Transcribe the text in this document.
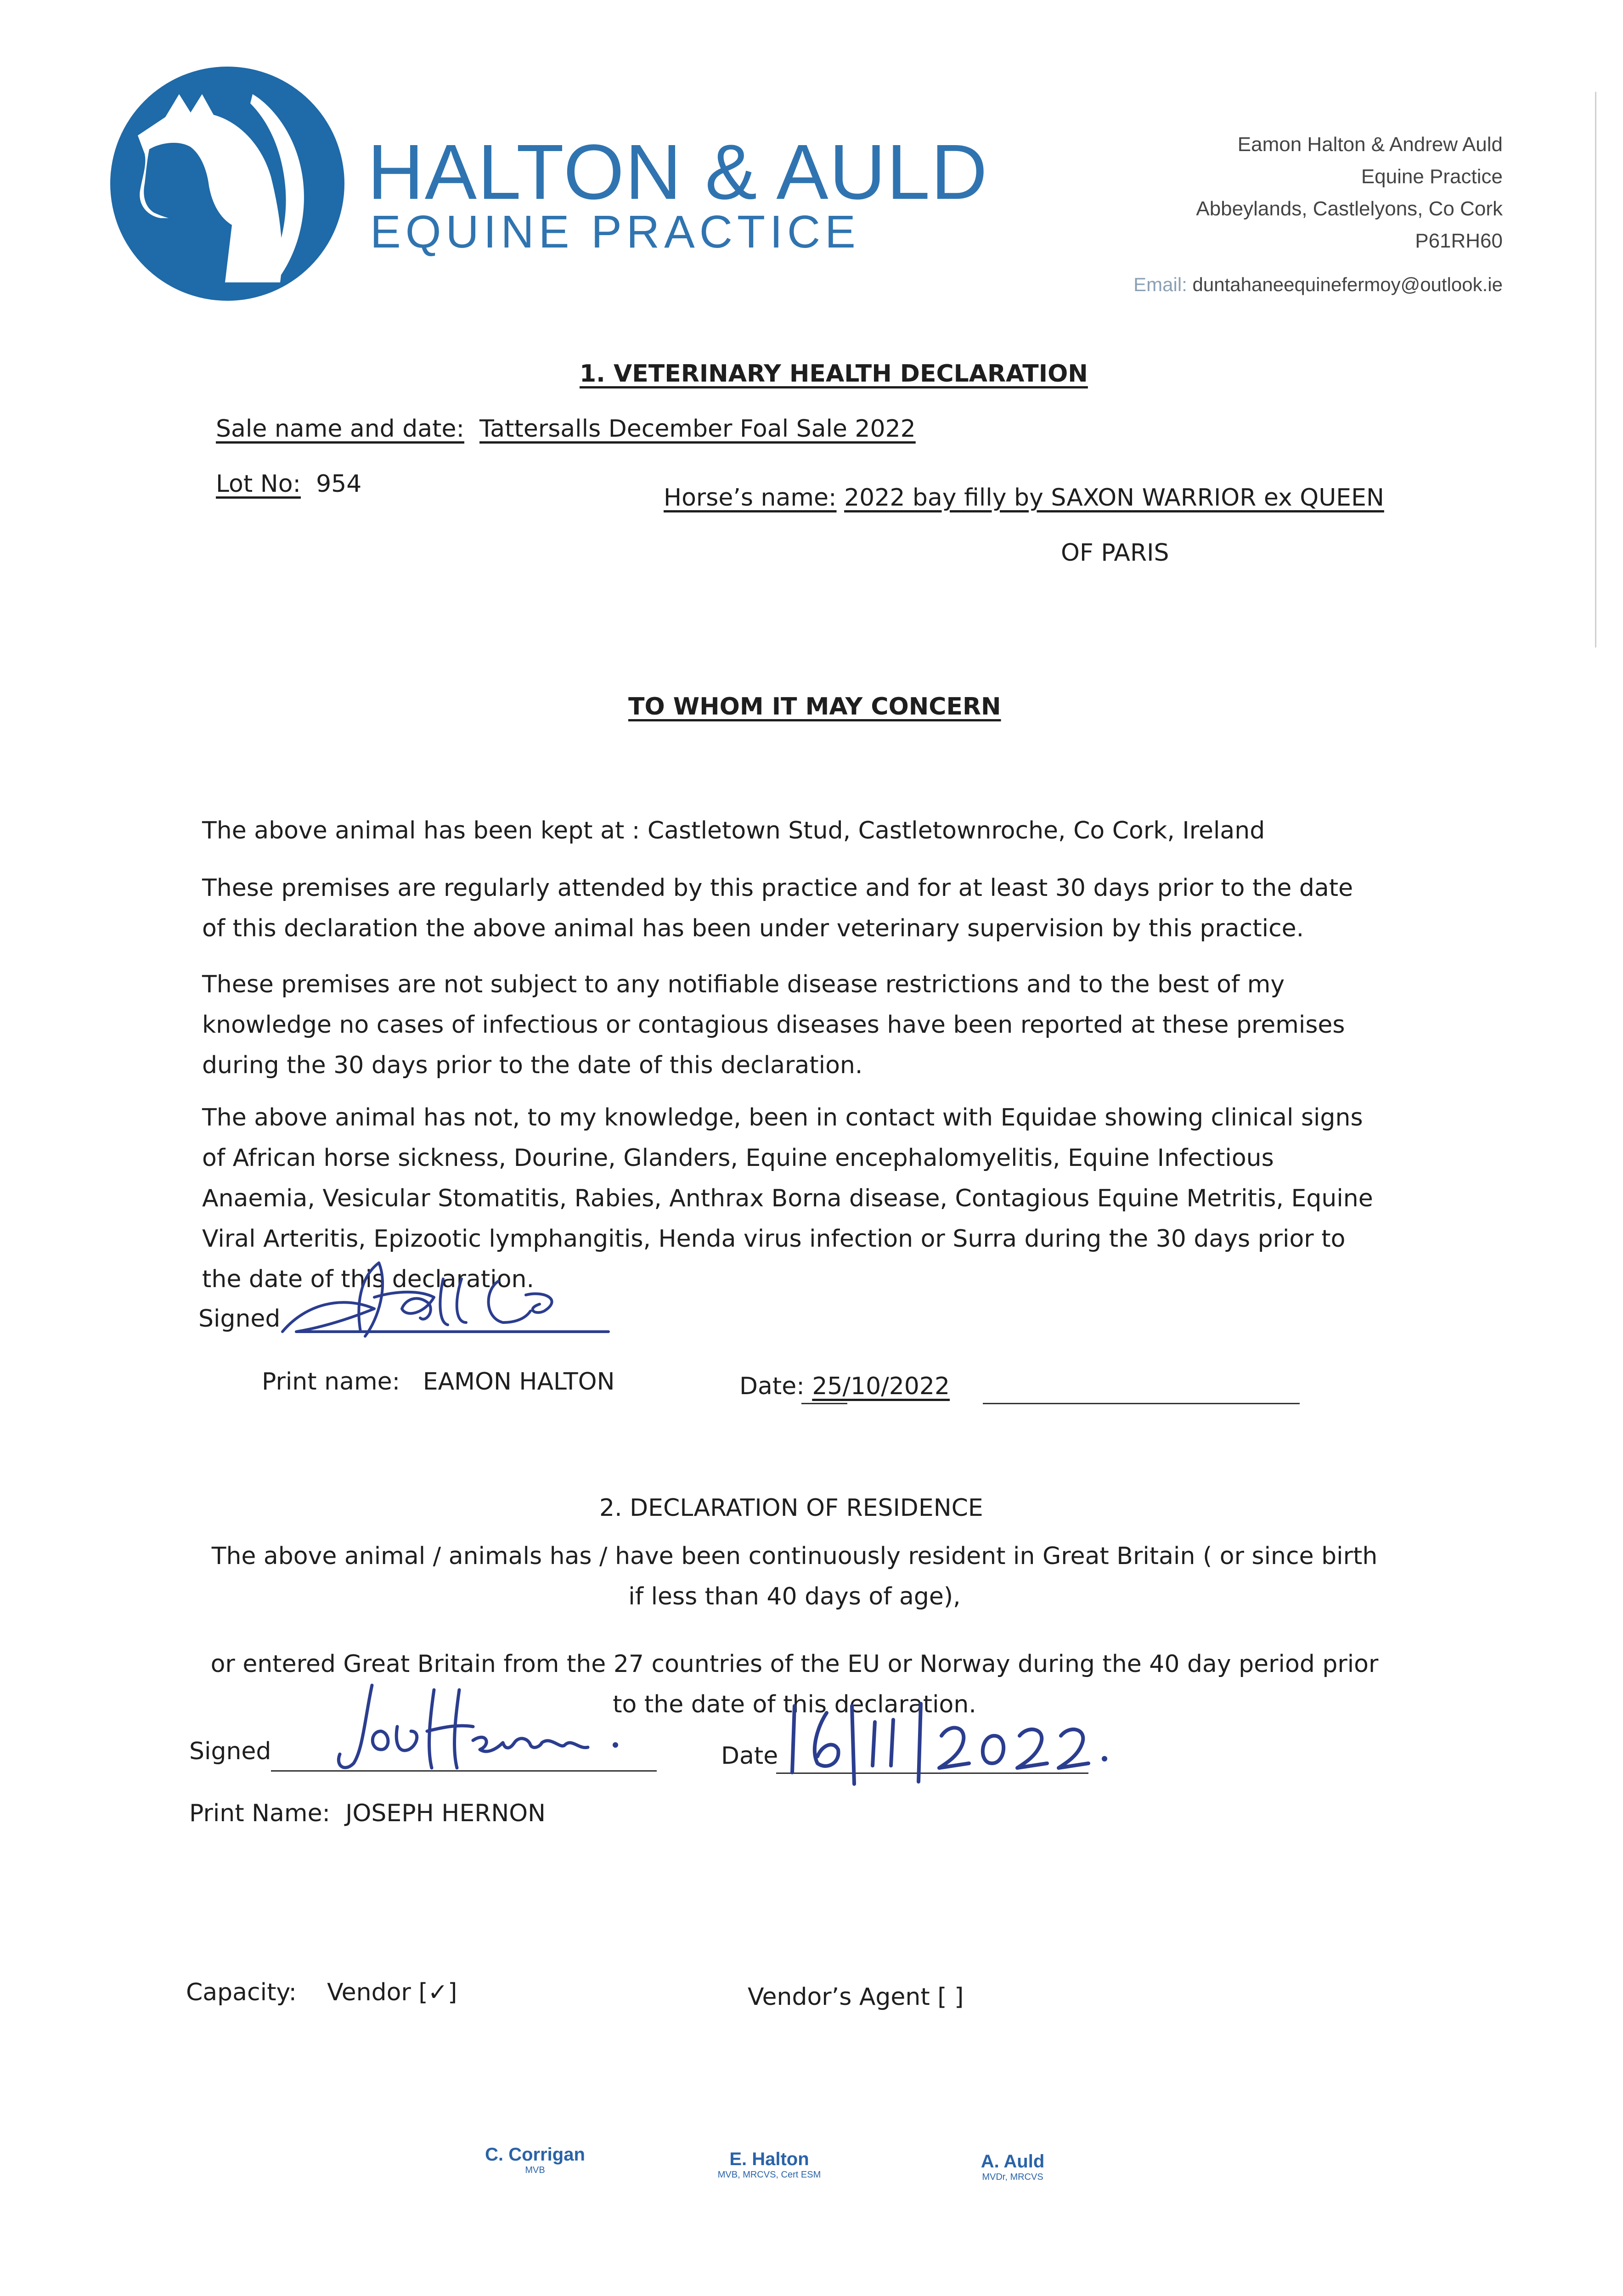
HALTON & AULD
EQUINE PRACTICE
Eamon Halton & Andrew Auld
Equine Practice
Abbeylands, Castlelyons, Co Cork
P61RH60
Email: duntahaneequinefermoy@outlook.ie
1. VETERINARY HEALTH DECLARATION
Sale name and date: Tattersalls December Foal Sale 2022
Lot No: 954	Horse’s name: 2022 bay filly by SAXON WARRIOR ex QUEEN
OF PARIS
TO WHOM IT MAY CONCERN
The above animal has been kept at : Castletown Stud, Castletownroche, Co Cork, Ireland
These premises are regularly attended by this practice and for at least 30 days prior to the date of this declaration the above animal has been under veterinary supervision by this practice.
These premises are not subject to any notifiable disease restrictions and to the best of my knowledge no cases of infectious or contagious diseases have been reported at these premises during the 30 days prior to the date of this declaration.
The above animal has not, to my knowledge, been in contact with Equidae showing clinical signs of African horse sickness, Dourine, Glanders, Equine encephalomyelitis, Equine Infectious Anaemia, Vesicular Stomatitis, Rabies, Anthrax Borna disease, Contagious Equine Metritis, Equine Viral Arteritis, Epizootic lymphangitis, Henda virus infection or Surra during the 30 days prior to the date of this declaration.
Signed
Print name: EAMON HALTON	Date: 25/10/2022
2. DECLARATION OF RESIDENCE
The above animal / animals has / have been continuously resident in Great Britain ( or since birth if less than 40 days of age),
or entered Great Britain from the 27 countries of the EU or Norway during the 40 day period prior to the date of this declaration.
Signed	Date
Print Name: JOSEPH HERNON
Capacity: Vendor [✓]	Vendor’s Agent [ ]
C. Corrigan
MVB
E. Halton
MVB, MRCVS, Cert ESM
A. Auld
MVDr, MRCVS
